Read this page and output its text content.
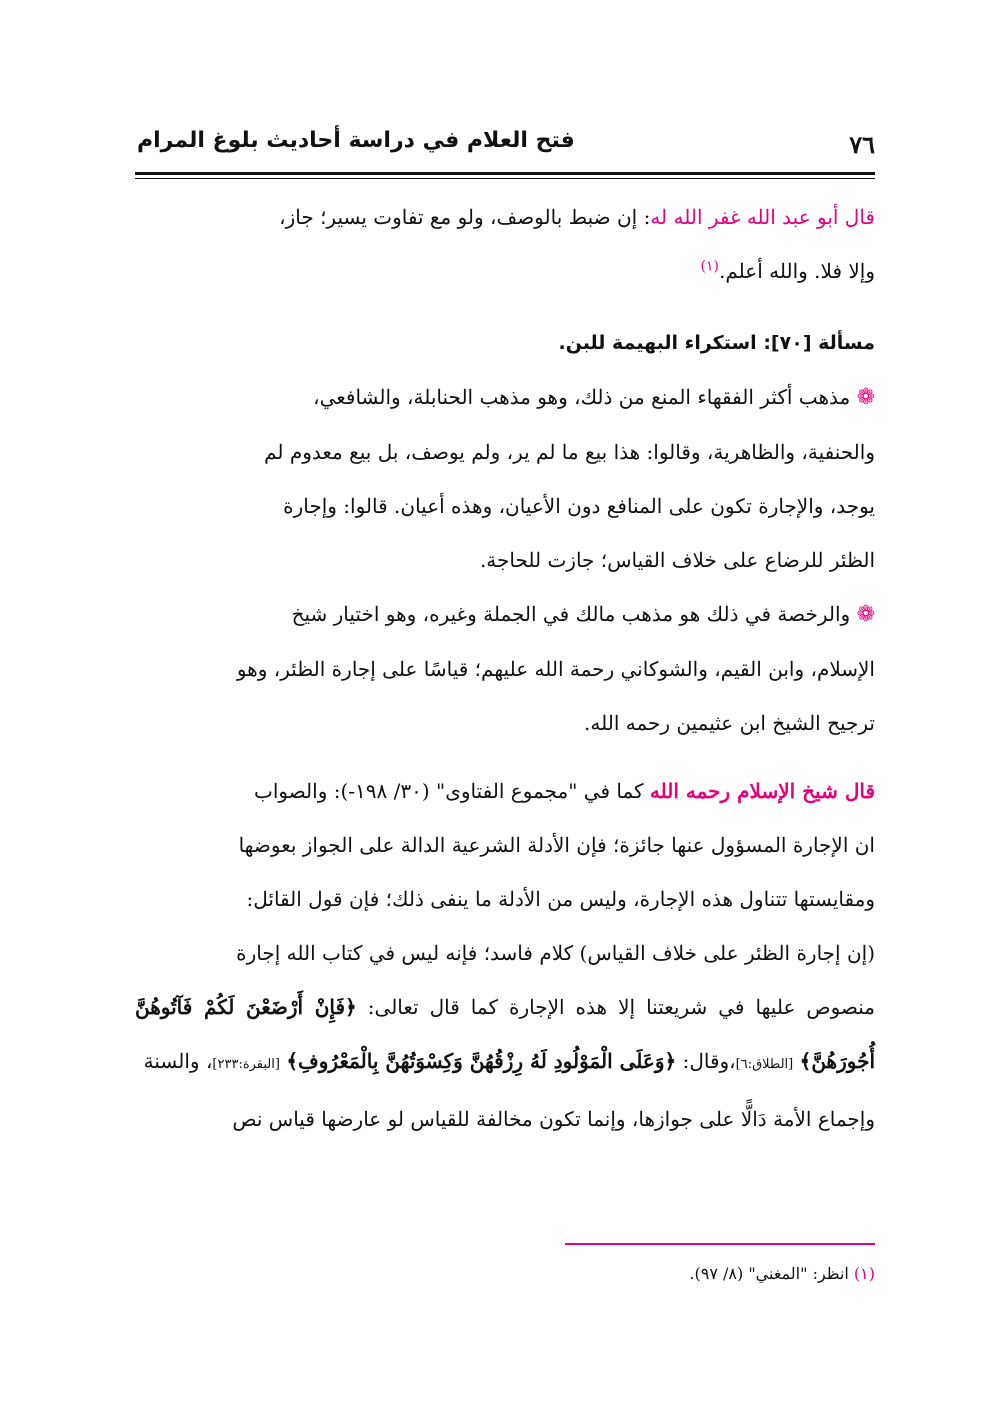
٧٦
فتح العلام في دراسة أحاديث بلوغ المرام

قال أبو عبد الله غفر الله له: إن ضبط بالوصف، ولو مع تفاوت يسير؛ جاز،

وإلا فلا. والله أعلم.$^{(١)}$

مسألة [٧٠]: استكراء البهيمة للبن.

❁ مذهب أكثر الفقهاء المنع من ذلك، وهو مذهب الحنابلة، والشافعي،

والحنفية، والظاهرية، وقالوا: هذا بيع ما لم ير، ولم يوصف، بل بيع معدوم لم

يوجد، والإجارة تكون على المنافع دون الأعيان، وهذه أعيان. قالوا: وإجارة

الظئر للرضاع على خلاف القياس؛ جازت للحاجة.

❁ والرخصة في ذلك هو مذهب مالك في الجملة وغيره، وهو اختيار شيخ

الإسلام، وابن القيم، والشوكاني رحمة الله عليهم؛ قياسًا على إجارة الظئر، وهو

ترجيح الشيخ ابن عثيمين رحمه الله.

قال شيخ الإسلام رحمه الله كما في "مجموع الفتاوى" (٣٠/ ١٩٨-): والصواب

ان الإجارة المسؤول عنها جائزة؛ فإن الأدلة الشرعية الدالة على الجواز بعوضها

ومقايستها تتناول هذه الإجارة، وليس من الأدلة ما ينفى ذلك؛ فإن قول القائل:

(إن إجارة الظئر على خلاف القياس) كلام فاسد؛ فإنه ليس في كتاب الله إجارة

منصوص عليها في شريعتنا إلا هذه الإجارة كما قال تعالى: ﴿فَإِنْ أَرْضَعْنَ لَكُمْ فَآتُوهُنَّ أُجُورَهُنَّ﴾ [الطلاق:٦]،وقال: ﴿وَعَلَى الْمَوْلُودِ لَهُ رِزْقُهُنَّ وَكِسْوَتُهُنَّ بِالْمَعْرُوفِ﴾ [البقرة:٢٣٣]، والسنة

وإجماع الأمة دَالًّا على جوازها، وإنما تكون مخالفة للقياس لو عارضها قياس نص

(١) انظر: "المغني" (٨/ ٩٧).
